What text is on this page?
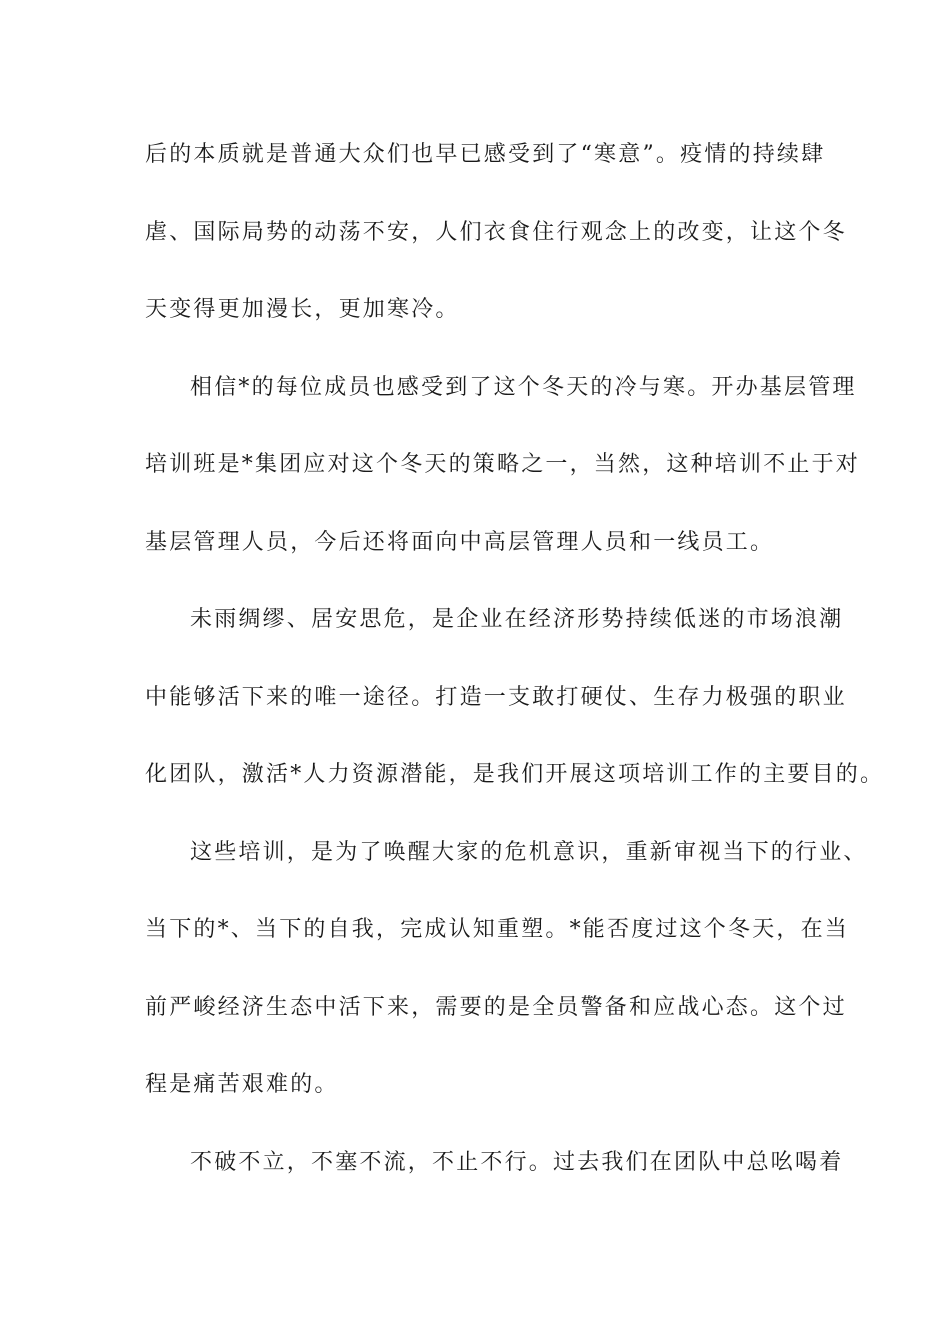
后的本质就是普通大众们也早已感受到了“寒意”。疫情的持续肆

虐、国际局势的动荡不安，人们衣食住行观念上的改变，让这个冬

天变得更加漫长，更加寒冷。

相信*的每位成员也感受到了这个冬天的冷与寒。开办基层管理

培训班是*集团应对这个冬天的策略之一，当然，这种培训不止于对

基层管理人员，今后还将面向中高层管理人员和一线员工。

未雨绸缪、居安思危，是企业在经济形势持续低迷的市场浪潮

中能够活下来的唯一途径。打造一支敢打硬仗、生存力极强的职业

化团队，激活*人力资源潜能，是我们开展这项培训工作的主要目的。

这些培训，是为了唤醒大家的危机意识，重新审视当下的行业、

当下的*、当下的自我，完成认知重塑。*能否度过这个冬天，在当

前严峻经济生态中活下来，需要的是全员警备和应战心态。这个过

程是痛苦艰难的。

不破不立，不塞不流，不止不行。过去我们在团队中总吆喝着
